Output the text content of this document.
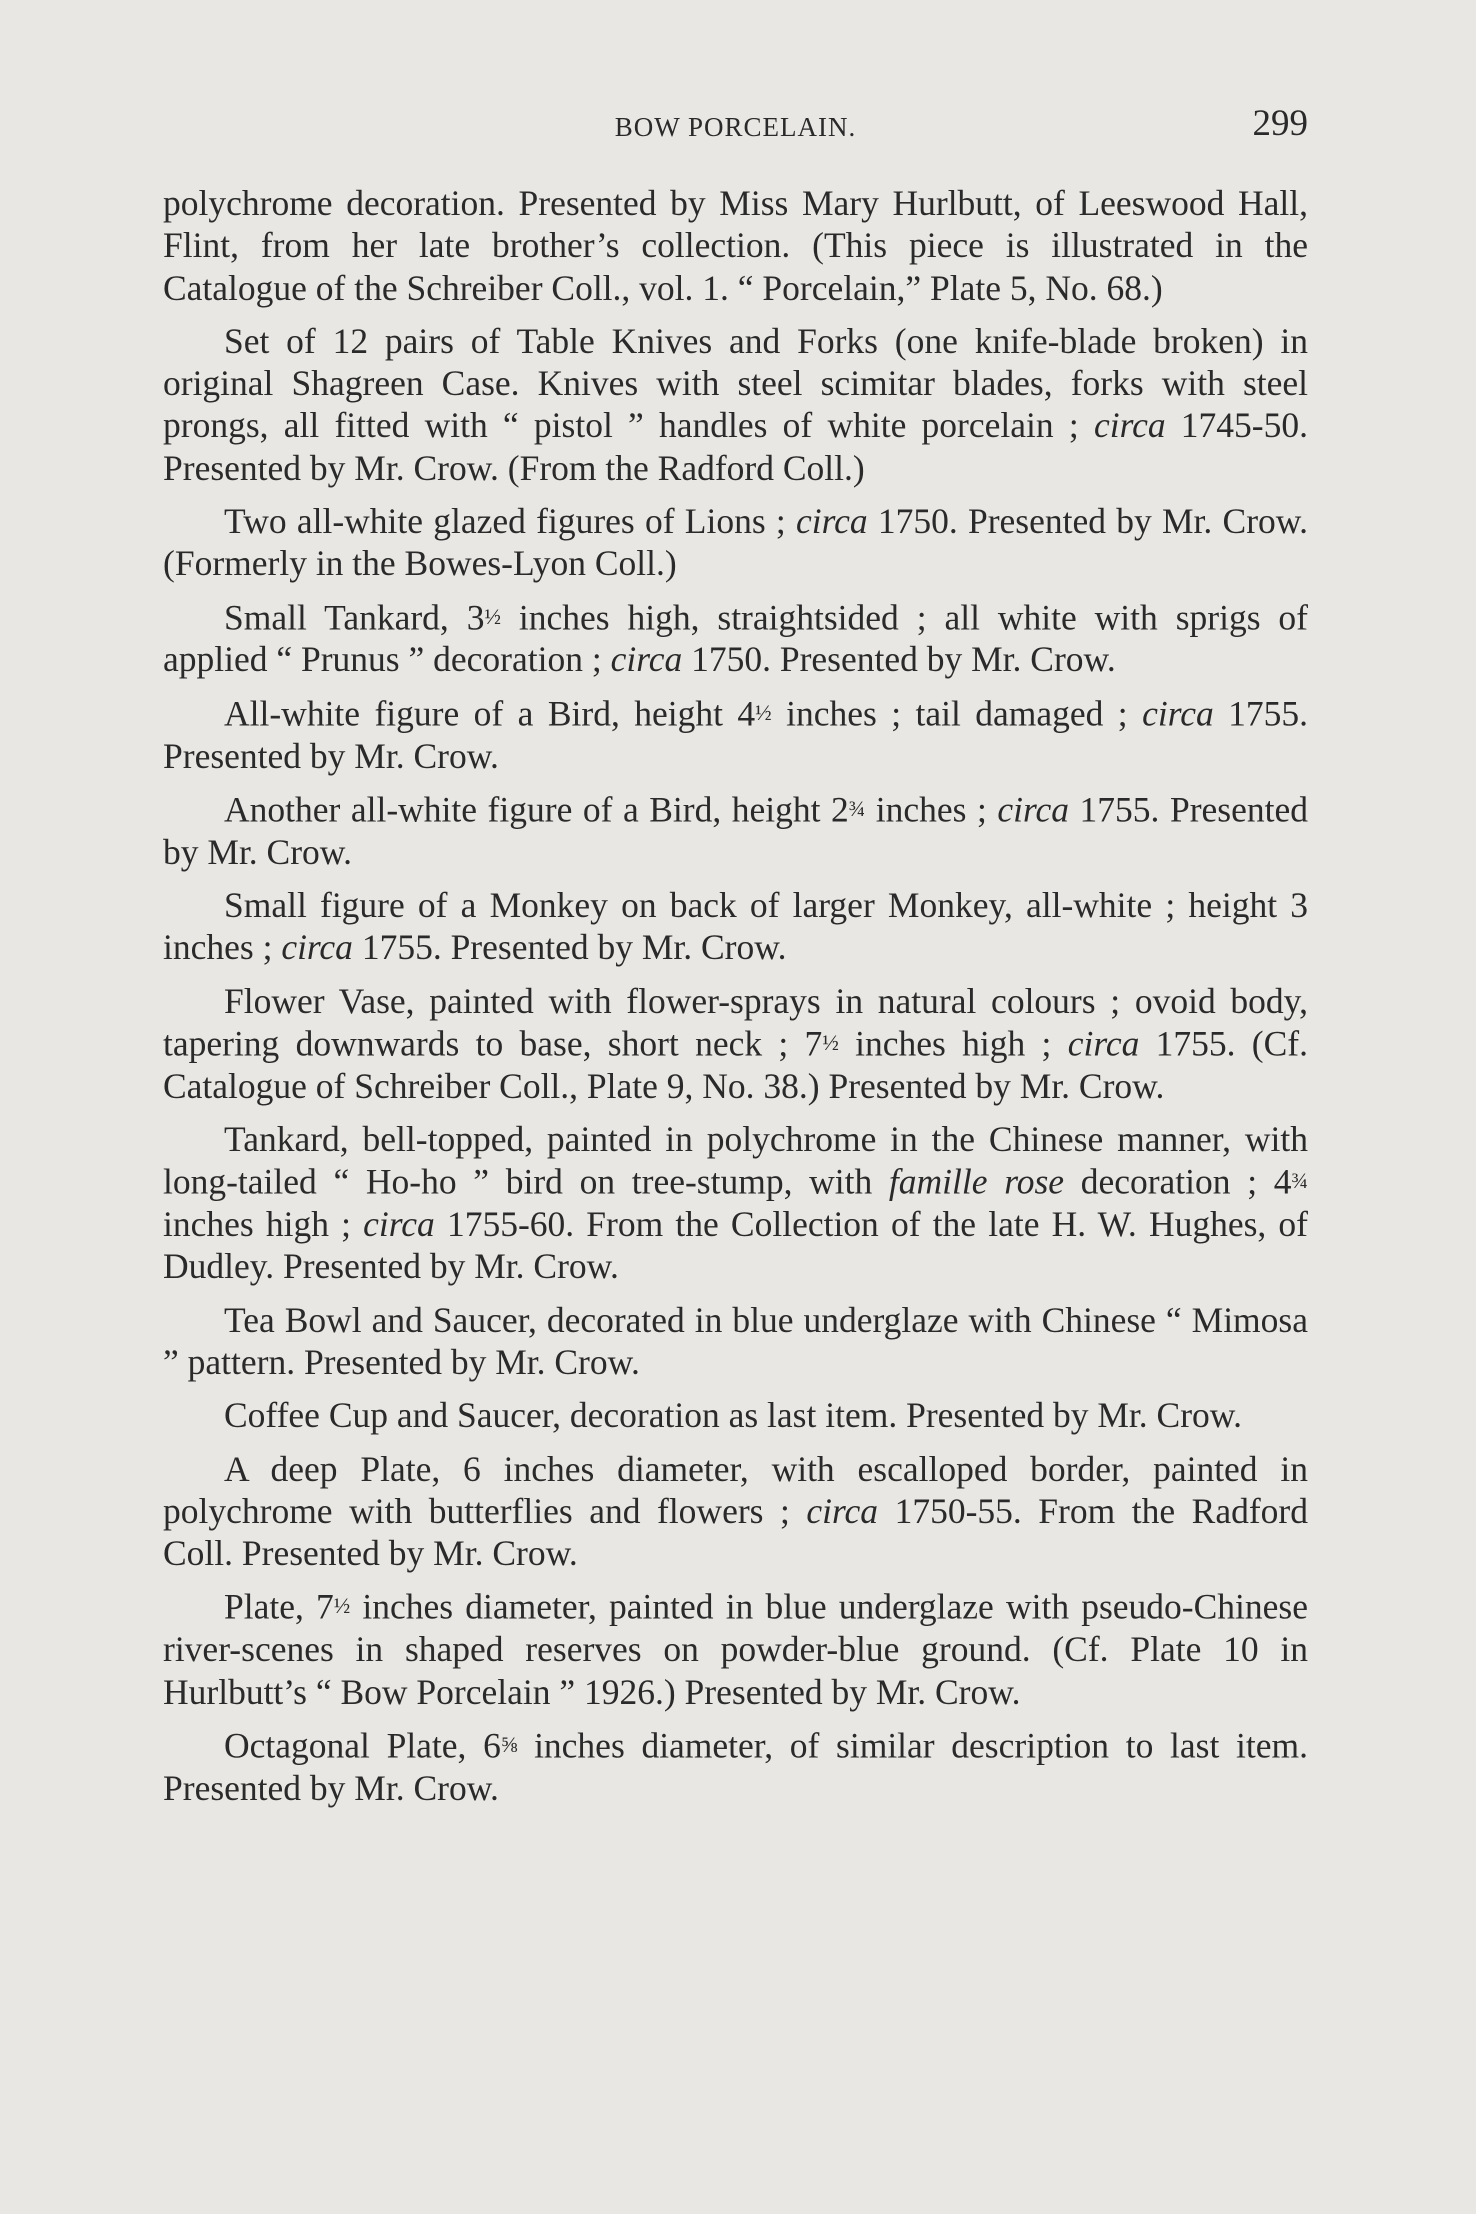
BOW PORCELAIN.	299

polychrome decoration. Presented by Miss Mary Hurlbutt, of Leeswood Hall, Flint, from her late brother’s collection. (This piece is illustrated in the Catalogue of the Schreiber Coll., vol. 1. “ Porcelain,” Plate 5, No. 68.)

Set of 12 pairs of Table Knives and Forks (one knife-blade broken) in original Shagreen Case. Knives with steel scimitar blades, forks with steel prongs, all fitted with “ pistol ” handles of white porcelain ; circa 1745-50. Presented by Mr. Crow. (From the Radford Coll.)

Two all-white glazed figures of Lions ; circa 1750. Presented by Mr. Crow. (Formerly in the Bowes-Lyon Coll.)

Small Tankard, 3½ inches high, straightsided ; all white with sprigs of applied “ Prunus ” decoration ; circa 1750. Presented by Mr. Crow.

All-white figure of a Bird, height 4½ inches ; tail damaged ; circa 1755. Presented by Mr. Crow.

Another all-white figure of a Bird, height 2¾ inches ; circa 1755. Presented by Mr. Crow.

Small figure of a Monkey on back of larger Monkey, all-white ; height 3 inches ; circa 1755. Presented by Mr. Crow.

Flower Vase, painted with flower-sprays in natural colours ; ovoid body, tapering downwards to base, short neck ; 7½ inches high ; circa 1755. (Cf. Catalogue of Schreiber Coll., Plate 9, No. 38.) Presented by Mr. Crow.

Tankard, bell-topped, painted in polychrome in the Chinese manner, with long-tailed “ Ho-ho ” bird on tree-stump, with famille rose decoration ; 4¾ inches high ; circa 1755-60. From the Collection of the late H. W. Hughes, of Dudley. Presented by Mr. Crow.

Tea Bowl and Saucer, decorated in blue underglaze with Chinese “ Mimosa ” pattern. Presented by Mr. Crow.

Coffee Cup and Saucer, decoration as last item. Presented by Mr. Crow.

A deep Plate, 6 inches diameter, with escalloped border, painted in polychrome with butterflies and flowers ; circa 1750-55. From the Radford Coll. Presented by Mr. Crow.

Plate, 7½ inches diameter, painted in blue underglaze with pseudo-Chinese river-scenes in shaped reserves on powder-blue ground. (Cf. Plate 10 in Hurlbutt’s “ Bow Porcelain ” 1926.) Presented by Mr. Crow.

Octagonal Plate, 6⅝ inches diameter, of similar description to last item. Presented by Mr. Crow.
